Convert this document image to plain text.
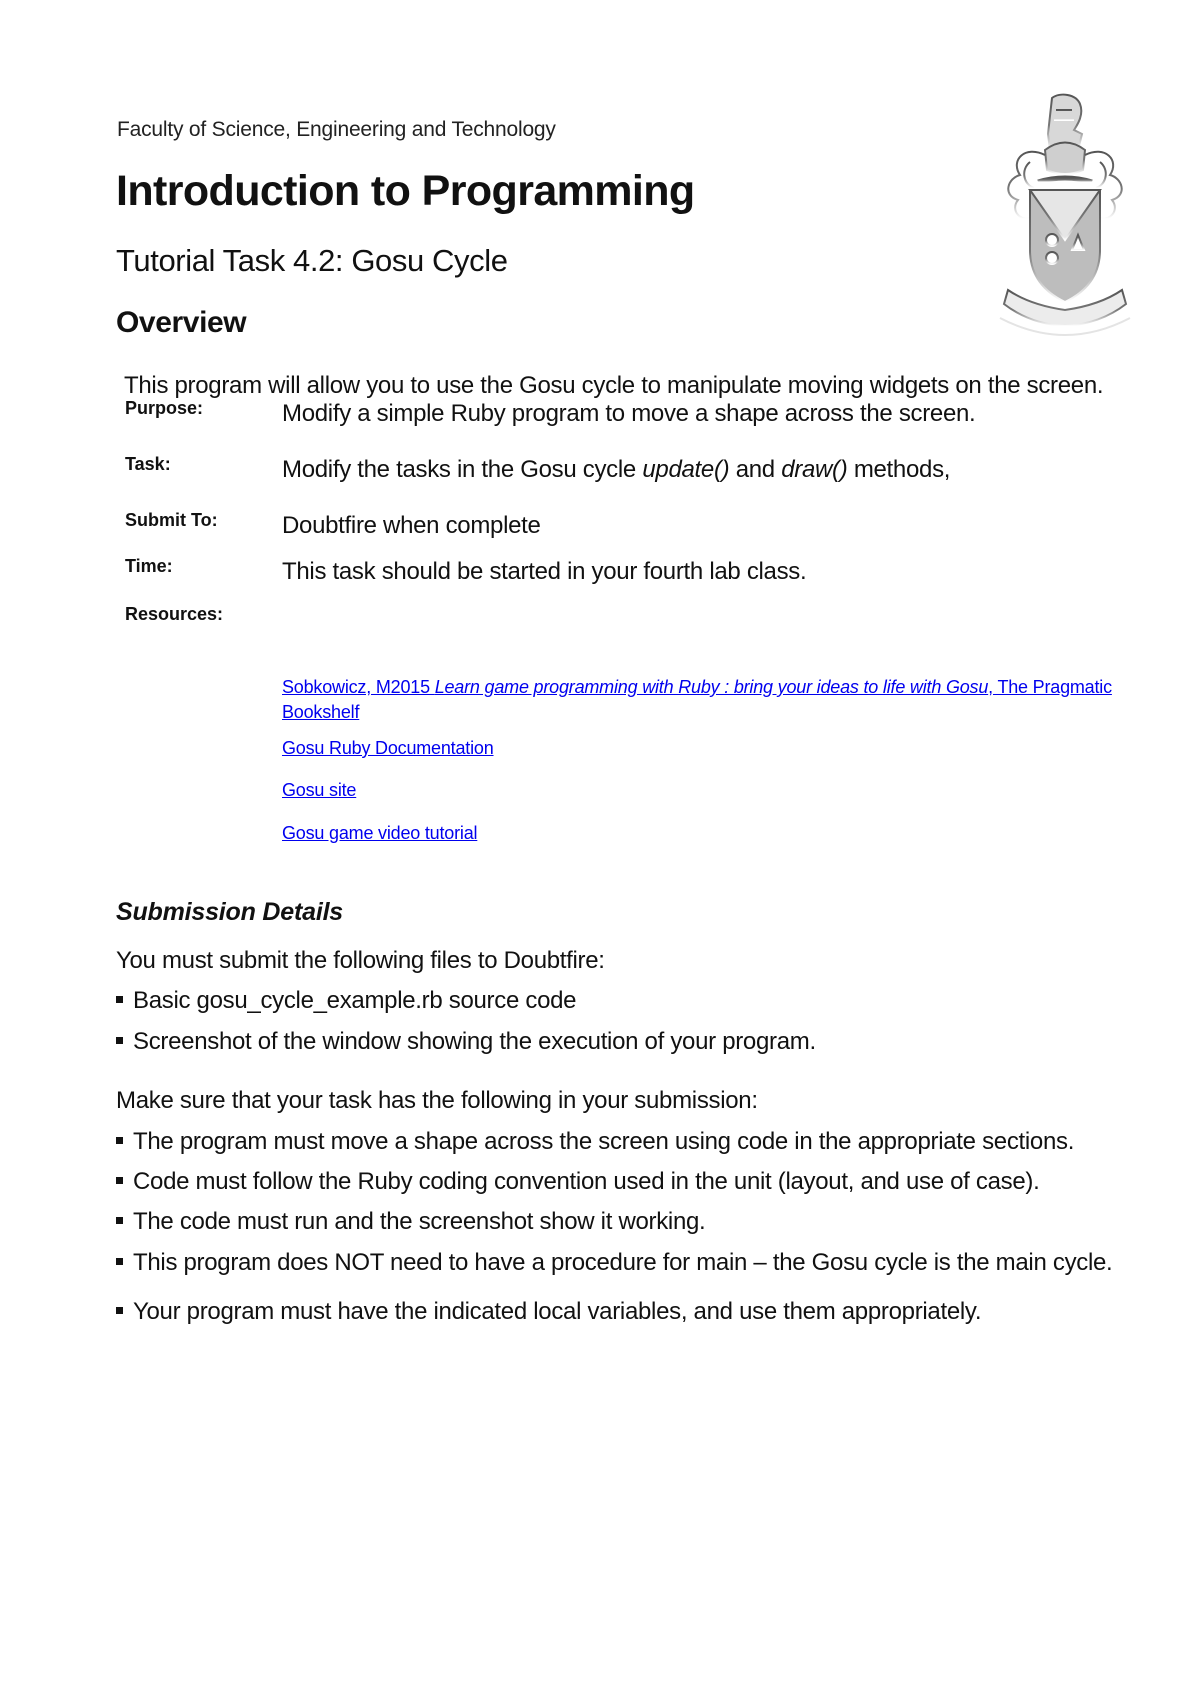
Faculty of Science, Engineering and Technology
Introduction to Programming
Tutorial Task 4.2: Gosu Cycle
Overview
This program will allow you to use the Gosu cycle to manipulate moving widgets on the screen.
Purpose:	Modify a simple Ruby program to move a shape across the screen.
Task:	Modify the tasks in the Gosu cycle update() and draw() methods,
Submit To:	Doubtfire when complete
Time:	This task should be started in your fourth lab class.
Resources:
Sobkowicz, M2015 Learn game programming with Ruby : bring your ideas to life with Gosu, The Pragmatic
Bookshelf
Gosu Ruby Documentation
Gosu site
Gosu game video tutorial
Submission Details
You must submit the following files to Doubtfire:
Basic gosu_cycle_example.rb source code
Screenshot of the window showing the execution of your program.
Make sure that your task has the following in your submission:
The program must move a shape across the screen using code in the appropriate sections.
Code must follow the Ruby coding convention used in the unit (layout, and use of case).
The code must run and the screenshot show it working.
This program does NOT need to have a procedure for main – the Gosu cycle is the main cycle.
Your program must have the indicated local variables, and use them appropriately.
